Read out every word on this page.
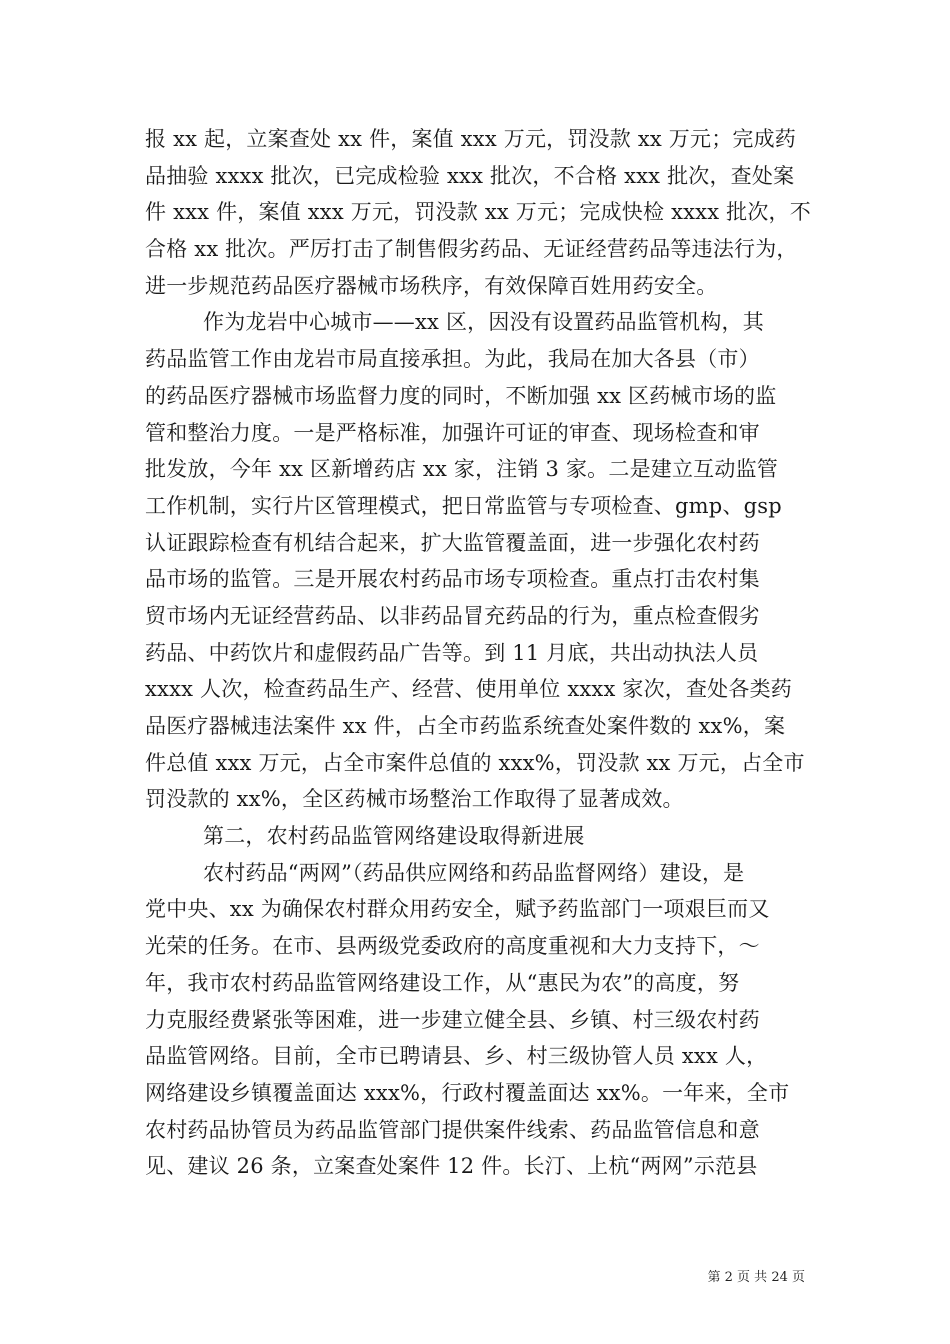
报 xx 起，立案查处 xx 件，案值 xxx 万元，罚没款 xx 万元；完成药
品抽验 xxxx 批次，已完成检验 xxx 批次，不合格 xxx 批次，查处案
件 xxx 件，案值 xxx 万元，罚没款 xx 万元；完成快检 xxxx 批次，不
合格 xx 批次。严厉打击了制售假劣药品、无证经营药品等违法行为，
进一步规范药品医疗器械市场秩序，有效保障百姓用药安全。
作为龙岩中心城市——xx 区，因没有设置药品监管机构，其
药品监管工作由龙岩市局直接承担。为此，我局在加大各县（市）
的药品医疗器械市场监督力度的同时，不断加强 xx 区药械市场的监
管和整治力度。一是严格标准，加强许可证的审查、现场检查和审
批发放，今年 xx 区新增药店 xx 家，注销 3 家。二是建立互动监管
工作机制，实行片区管理模式，把日常监管与专项检查、gmp、gsp
认证跟踪检查有机结合起来，扩大监管覆盖面，进一步强化农村药
品市场的监管。三是开展农村药品市场专项检查。重点打击农村集
贸市场内无证经营药品、以非药品冒充药品的行为，重点检查假劣
药品、中药饮片和虚假药品广告等。到 11 月底，共出动执法人员
xxxx 人次，检查药品生产、经营、使用单位 xxxx 家次，查处各类药
品医疗器械违法案件 xx 件，占全市药监系统查处案件数的 xx%，案
件总值 xxx 万元，占全市案件总值的 xxx%，罚没款 xx 万元，占全市
罚没款的 xx%，全区药械市场整治工作取得了显著成效。
第二，农村药品监管网络建设取得新进展
农村药品“两网”（药品供应网络和药品监督网络）建设，是
党中央、xx 为确保农村群众用药安全，赋予药监部门一项艰巨而又
光荣的任务。在市、县两级党委政府的高度重视和大力支持下，～
年，我市农村药品监管网络建设工作，从“惠民为农”的高度，努
力克服经费紧张等困难，进一步建立健全县、乡镇、村三级农村药
品监管网络。目前，全市已聘请县、乡、村三级协管人员 xxx 人，
网络建设乡镇覆盖面达 xxx%，行政村覆盖面达 xx%。一年来，全市
农村药品协管员为药品监管部门提供案件线索、药品监管信息和意
见、建议 26 条，立案查处案件 12 件。长汀、上杭“两网”示范县
第 2 页 共 24 页
